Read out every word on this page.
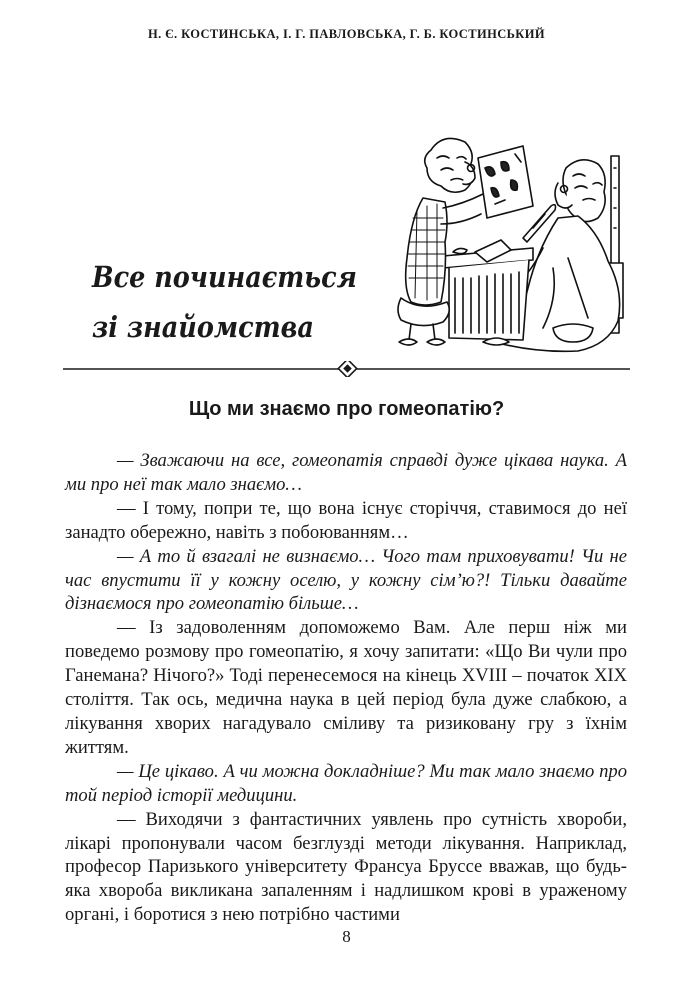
Н. Є. КОСТИНСЬКА, І. Г. ПАВЛОВСЬКА, Г. Б. КОСТИНСЬКИЙ
Все починається
зі знайомства
Що ми знаємо про гомеопатію?

— Зважаючи на все, гомеопатія справді дуже цікава наука. А ми про неї так мало знаємо…

— І тому, попри те, що вона існує сторіччя, ставимося до неї занадто обережно, навіть з побоюванням…

— А то й взагалі не визнаємо… Чого там приховувати! Чи не час впустити її у кожну оселю, у кожну сім’ю?! Тільки давайте дізнаємося про гомеопатію більше…

— Із задоволенням допоможемо Вам. Але перш ніж ми поведемо розмову про гомеопатію, я хочу запитати: «Що Ви чули про Ганемана? Нічого?» Тоді перенесемося на кінець XVIII – початок XIX століття. Так ось, медична наука в цей період була дуже слабкою, а лікування хворих нагадувало сміливу та ризиковану гру з їхнім життям.

— Це цікаво. А чи можна докладніше? Ми так мало знаємо про той період історії медицини.

— Виходячи з фантастичних уявлень про сутність хвороби, лікарі пропонували часом безглузді методи лікування. Наприклад, професор Паризького університету Франсуа Бруссе вважав, що будь-яка хвороба викликана запаленням і надлишком крові в ураженому органі, і боротися з нею потрібно частими

8
